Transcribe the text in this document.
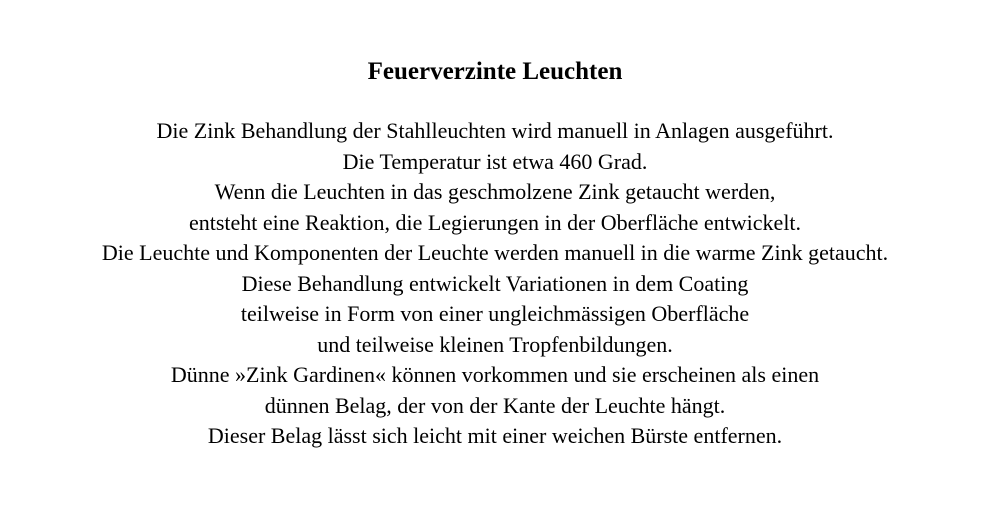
Feuerverzinte Leuchten
Die Zink Behandlung der Stahlleuchten wird manuell in Anlagen ausgeführt.
Die Temperatur ist etwa 460 Grad.
Wenn die Leuchten in das geschmolzene Zink getaucht werden,
entsteht eine Reaktion, die Legierungen in der Oberfläche entwickelt.
Die Leuchte und Komponenten der Leuchte werden manuell in die warme Zink getaucht.
Diese Behandlung entwickelt Variationen in dem Coating
teilweise in Form von einer ungleichmässigen Oberfläche
und teilweise kleinen Tropfenbildungen.
Dünne »Zink Gardinen« können vorkommen und sie erscheinen als einen
dünnen Belag, der von der Kante der Leuchte hängt.
Dieser Belag lässt sich leicht mit einer weichen Bürste entfernen.
